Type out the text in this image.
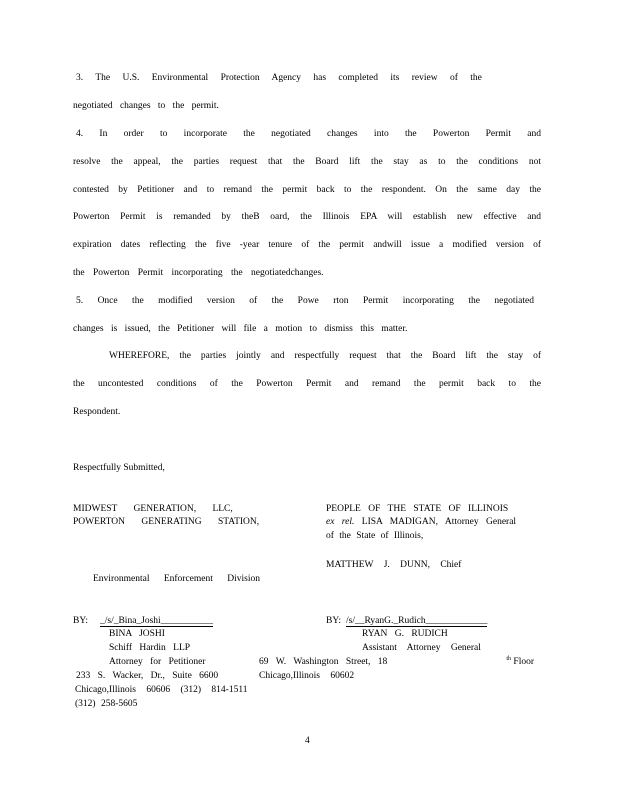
3. The U.S. Environmental Protection Agency has completed its review of the
negotiated changes to the permit.
4. In order to incorporate the negotiated changes into the Powerton Permit and
resolve the appeal, the parties request that the Board lift the stay as to the conditions not
contested by Petitioner and to remand the permit back to the respondent. On the same day the
Powerton Permit is remanded by theB oard, the Illinois EPA will establish new effective and
expiration dates reflecting the five -year tenure of the permit andwill issue a modified version of
the Powerton Permit incorporating the negotiatedchanges.
5. Once the modified version of the Powe rton Permit incorporating the negotiated
changes is issued, the Petitioner will file a motion to dismiss this matter.
WHEREFORE, the parties jointly and respectfully request that the Board lift the stay of
the uncontested conditions of the Powerton Permit and remand the permit back to the
Respondent.
Respectfully Submitted,
MIDWEST GENERATION, LLC,
POWERTON GENERATING STATION,
PEOPLE OF THE STATE OF ILLINOIS
ex rel. LISA MADIGAN, Attorney General
of the State of Illinois,
MATTHEW J. DUNN, Chief
Environmental Enforcement Division
BY: _/s/_Bina_Joshi___________
BINA JOSHI
Schiff Hardin LLP
Attorney for Petitioner
233 S. Wacker, Dr., Suite 6600
Chicago,Illinois 60606 (312) 814-1511
(312) 258-5605
BY: /s/__RyanG._Rudich_____________
RYAN G. RUDICH
Assistant Attorney General
69 W. Washington Street, 18	$^{th}$ Floor
Chicago,Illinois 60602
4
